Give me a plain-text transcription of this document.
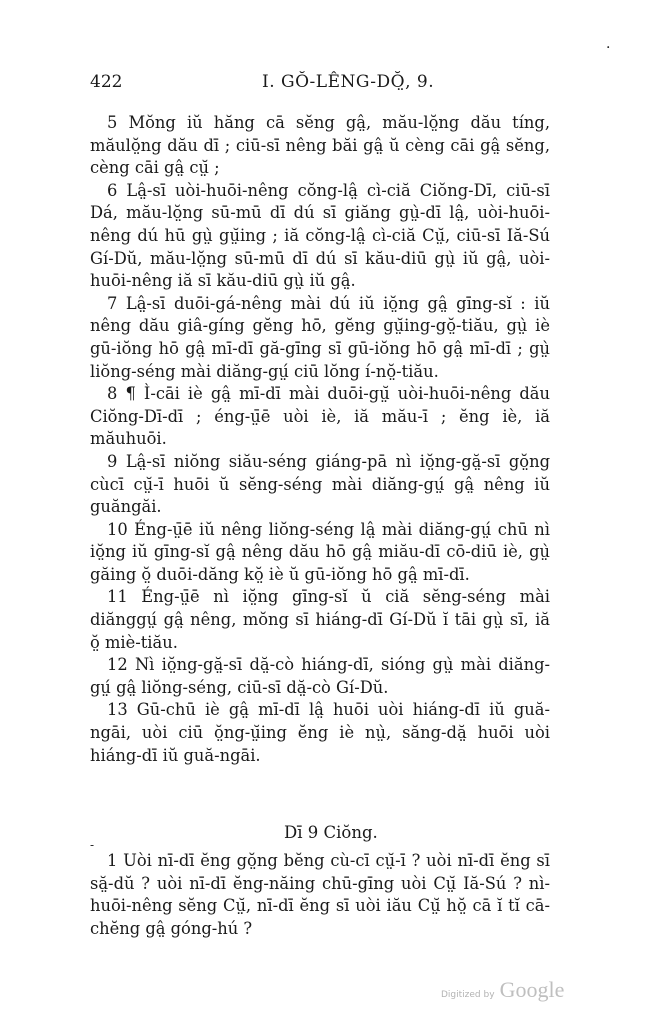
·
422	I. GŎ-LÊNG-DŎ̤, 9.

5 Mŏng iŭ hăng cā sĕng gâ̤, mău-lŏ̤ng dău tíng, măulŏ̤ng dău dī ; ciū-sī nêng băi gâ̤ ŭ cèng cāi gâ̤ sĕng, cèng cāi gâ̤ cṳ̆ ;

6 Lâ̤-sī uòi-huōi-nêng cŏng-lâ̤ cì-ciă Ciŏng-Dī, ciū-sī Dá, mău-lŏ̤ng sū-mū dī dú sī giăng gṳ̀-dī lâ̤, uòi-huōi-nêng dú hū gṳ̀ gṳ̆ing ; iă cŏng-lâ̤ cì-ciă Cṳ̆, ciū-sī Iă-Sú Gí-Dŭ, mău-lŏ̤ng sū-mū dī dú sī kău-diū gṳ̀ iŭ gâ̤, uòi-huōi-nêng iă sī kău-diū gṳ̀ iŭ gâ̤.

7 Lâ̤-sī duōi-gá-nêng mài dú iŭ iŏ̤ng gâ̤ gīng-sĭ : iŭ nêng dău giâ-gíng gĕng hō, gĕng gṳ̆ing-gŏ̤-tiău, gṳ̀ iè gū-iŏng hō gâ̤ mī-dī gă-gīng sī gū-iŏng hō gâ̤ mī-dī ; gṳ̀ liŏng-séng mài diăng-gṳ́ ciū lŏng í-nŏ̤-tiău.

8 ¶ Ì-cāi iè gâ̤ mī-dī mài duōi-gṳ̆ uòi-huōi-nêng dău Ciŏng-Dī-dī ; éng-ṳ̄ē uòi iè, iă mău-ī ; ĕng iè, iă măuhuōi.

9 Lâ̤-sī niŏng siău-séng giáng-pā nì iŏ̤ng-gă̤-sī gŏ̤ng cùcī cṳ̆-ī huōi ŭ sĕng-séng mài diăng-gṳ́ gâ̤ nêng iŭ guăngăi.

10 Éng-ṳ̄ē iŭ nêng liŏng-séng lâ̤ mài diăng-gṳ́ chū nì iŏ̤ng iŭ gīng-sĭ gâ̤ nêng dău hō gâ̤ miău-dī cō-diū iè, gṳ̀ găing ŏ̤ duōi-dăng kŏ̤ iè ŭ gū-iŏng hō gâ̤ mī-dī.

11 Éng-ṳ̄ē nì iŏ̤ng gīng-sĭ ŭ ciă sĕng-séng mài diănggṳ́ gâ̤ nêng, mŏng sī hiáng-dī Gí-Dŭ ĭ tāi gṳ̀ sī, iă ŏ̤ miè-tiău.

12 Nì iŏ̤ng-gă̤-sī dă̤-cò hiáng-dī, sióng gṳ̀ mài diăng-gṳ́ gâ̤ liŏng-séng, ciū-sī dă̤-cò Gí-Dŭ.

13 Gū-chū iè gâ̤ mī-dī lâ̤ huōi uòi hiáng-dī iŭ guă-ngāi, uòi ciū ŏ̤ng-ṳ̆ing ĕng iè nṳ̀, săng-dă̤ huōi uòi hiáng-dī iŭ guă-ngāi.

Dī 9 Ciŏng.
-

1 Uòi nī-dī ĕng gŏ̤ng bĕng cù-cī cṳ̆-ī ? uòi nī-dī ĕng sī să̤-dŭ ? uòi nī-dī ĕng-năing chū-gīng uòi Cṳ̆ Iă-Sú ? nì-huōi-nêng sĕng Cṳ̆, nī-dī ĕng sī uòi iău Cṳ̆ hŏ̤ cā ĭ tĭ cā-chĕng gâ̤ góng-hú ?

Digitized by Google
